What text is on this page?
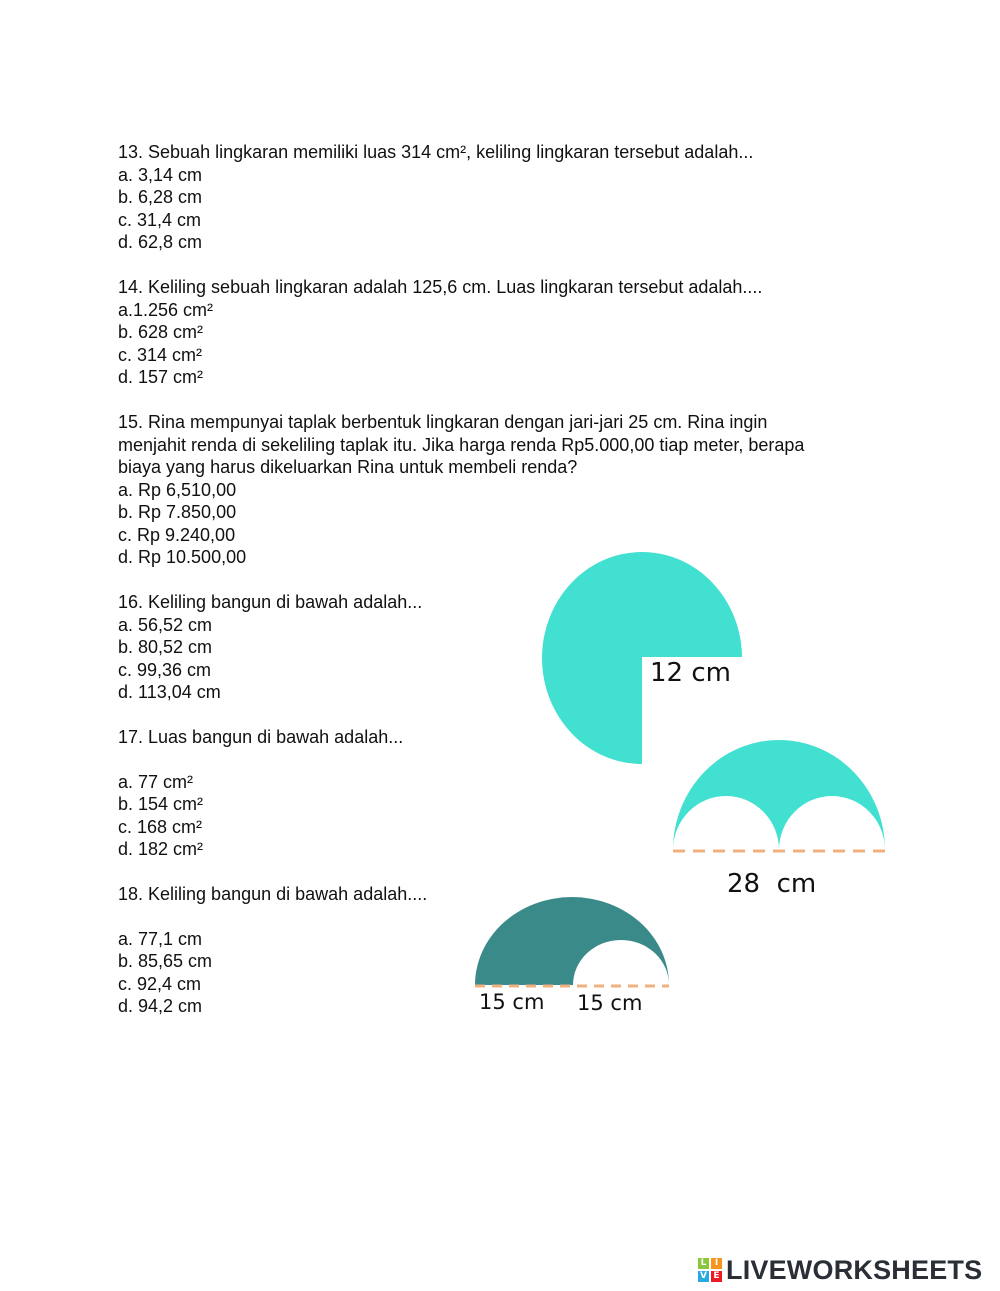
13. Sebuah lingkaran memiliki luas 314 cm², keliling lingkaran tersebut adalah...

a. 3,14 cm

b. 6,28 cm

c. 31,4 cm

d. 62,8 cm

14. Keliling sebuah lingkaran adalah 125,6 cm. Luas lingkaran tersebut adalah....

a.1.256 cm²

b. 628 cm²

c. 314 cm²

d. 157 cm²

15. Rina mempunyai taplak berbentuk lingkaran dengan jari-jari 25 cm. Rina ingin

menjahit renda di sekeliling taplak itu. Jika harga renda Rp5.000,00 tiap meter, berapa

biaya yang harus dikeluarkan Rina untuk membeli renda?

a. Rp 6,510,00

b. Rp 7.850,00

c. Rp 9.240,00

d. Rp 10.500,00

16. Keliling bangun di bawah adalah...

a. 56,52 cm

b. 80,52 cm

c. 99,36 cm

d. 113,04 cm

17. Luas bangun di bawah adalah...

a. 77 cm²

b. 154 cm²

c. 168 cm²

d. 182 cm²

18. Keliling bangun di bawah adalah....

a. 77,1 cm

b. 85,65 cm

c. 92,4 cm

d. 94,2 cm

12 cm
28  cm
15 cm 15 cm
L I
V E LIVEWORKSHEETS
